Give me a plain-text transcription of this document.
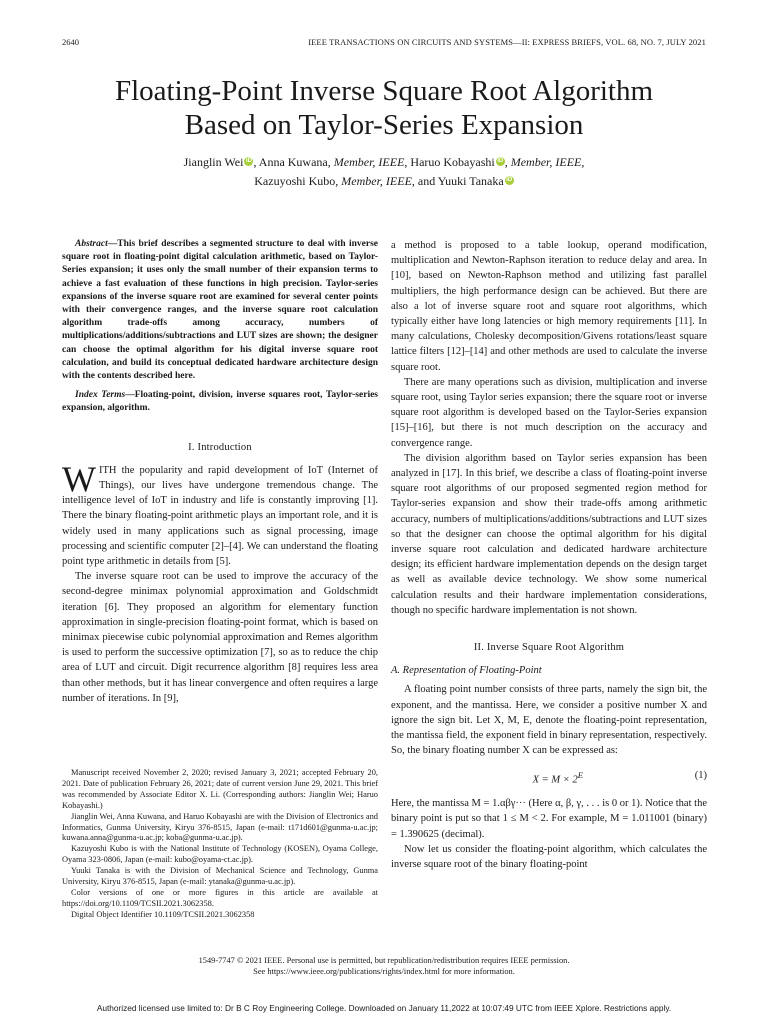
2640	IEEE TRANSACTIONS ON CIRCUITS AND SYSTEMS—II: EXPRESS BRIEFS, VOL. 68, NO. 7, JULY 2021
Floating-Point Inverse Square Root Algorithm
Based on Taylor-Series Expansion
Jianglin Wei iD , Anna Kuwana, Member, IEEE, Haruo Kobayashi iD , Member, IEEE,
Kazuyoshi Kubo, Member, IEEE, and Yuuki Tanaka iD

Abstract—This brief describes a segmented structure to deal with inverse square root in floating-point digital calculation arithmetic, based on Taylor-Series expansion; it uses only the small number of their expansion terms to achieve a fast evaluation of these functions in high precision. Taylor-series expansions of the inverse square root are examined for several center points with their convergence ranges, and the inverse square root calculation algorithm trade-offs among accuracy, numbers of multiplications/additions/subtractions and LUT sizes are shown; the designer can choose the optimal algorithm for his digital inverse square root calculation, and build its conceptual dedicated hardware architecture design with the contents described here.

Index Terms—Floating-point, division, inverse squares root, Taylor-series expansion, algorithm.

I. Introduction

WITH the popularity and rapid development of IoT (Internet of Things), our lives have undergone tremendous change. The intelligence level of IoT in industry and life is constantly improving [1]. There the binary floating-point arithmetic plays an important role, and it is widely used in many applications such as signal processing, image processing and scientific computer [2]–[4]. We can understand the floating point type arithmetic in details from [5].

The inverse square root can be used to improve the accuracy of the second-degree minimax polynomial approximation and Goldschmidt iteration [6]. They proposed an algorithm for elementary function approximation in single-precision floating-point format, which is based on minimax piecewise cubic polynomial approximation and Remes algorithm is used to perform the successive optimization [7], so as to reduce the chip area of LUT and circuit. Digit recurrence algorithm [8] requires less area than other methods, but it has linear convergence and often requires a large number of iterations. In [9],

Manuscript received November 2, 2020; revised January 3, 2021; accepted February 20, 2021. Date of publication February 26, 2021; date of current version June 29, 2021. This brief was recommended by Associate Editor X. Li. (Corresponding authors: Jianglin Wei; Haruo Kobayashi.)

Jianglin Wei, Anna Kuwana, and Haruo Kobayashi are with the Division of Electronics and Informatics, Gunma University, Kiryu 376-8515, Japan (e-mail: t171d601@gunma-u.ac.jp; kuwana.anna@gunma-u.ac.jp; koba@gunma-u.ac.jp).

Kazuyoshi Kubo is with the National Institute of Technology (KOSEN), Oyama College, Oyama 323-0806, Japan (e-mail: kubo@oyama-ct.ac.jp).

Yuuki Tanaka is with the Division of Mechanical Science and Technology, Gunma University, Kiryu 376-8515, Japan (e-mail: ytanaka@gunma-u.ac.jp).

Color versions of one or more figures in this article are available at https://doi.org/10.1109/TCSII.2021.3062358.

Digital Object Identifier 10.1109/TCSII.2021.3062358

a method is proposed to a table lookup, operand modification, multiplication and Newton-Raphson iteration to reduce delay and area. In [10], based on Newton-Raphson method and utilizing fast parallel multipliers, the high performance design can be achieved. But there are also a lot of inverse square root and square root algorithms, which typically either have long latencies or high memory requirements [11]. In many calculations, Cholesky decomposition/Givens rotations/least square lattice filters [12]–[14] and other methods are used to calculate the inverse square root.

There are many operations such as division, multiplication and inverse square root, using Taylor series expansion; there the square root or inverse square root algorithm is developed based on the Taylor-Series expansion [15]–[16], but there is not much description on the accuracy and convergence range.

The division algorithm based on Taylor series expansion has been analyzed in [17]. In this brief, we describe a class of floating-point inverse square root algorithms of our proposed segmented region method for Taylor-series expansion and show their trade-offs among arithmetic accuracy, numbers of multiplications/additions/subtractions and LUT sizes so that the designer can choose the optimal algorithm for his digital inverse square root calculation and dedicated hardware architecture design; its efficient hardware implementation depends on the design target as well as available device technology. We show some numerical calculation results and their hardware implementation considerations, though no specific hardware implementation is not shown.

II. Inverse Square Root Algorithm
A. Representation of Floating-Point

A floating point number consists of three parts, namely the sign bit, the exponent, and the mantissa. Here, we consider a positive number X and ignore the sign bit. Let X, M, E, denote the floating-point representation, the mantissa field, the exponent field in binary representation, respectively. So, the binary floating number X can be expressed as:

$X = M \times 2^E$	(1)

Here, the mantissa M = 1.αβγ··· (Here α, β, γ, . . . is 0 or 1). Notice that the binary point is put so that 1 ≤ M < 2. For example, M = 1.011001 (binary) = 1.390625 (decimal).

Now let us consider the floating-point algorithm, which calculates the inverse square root of the binary floating-point

1549-7747 © 2021 IEEE. Personal use is permitted, but republication/redistribution requires IEEE permission.
See https://www.ieee.org/publications/rights/index.html for more information.
Authorized licensed use limited to: Dr B C Roy Engineering College. Downloaded on January 11,2022 at 10:07:49 UTC from IEEE Xplore. Restrictions apply.
